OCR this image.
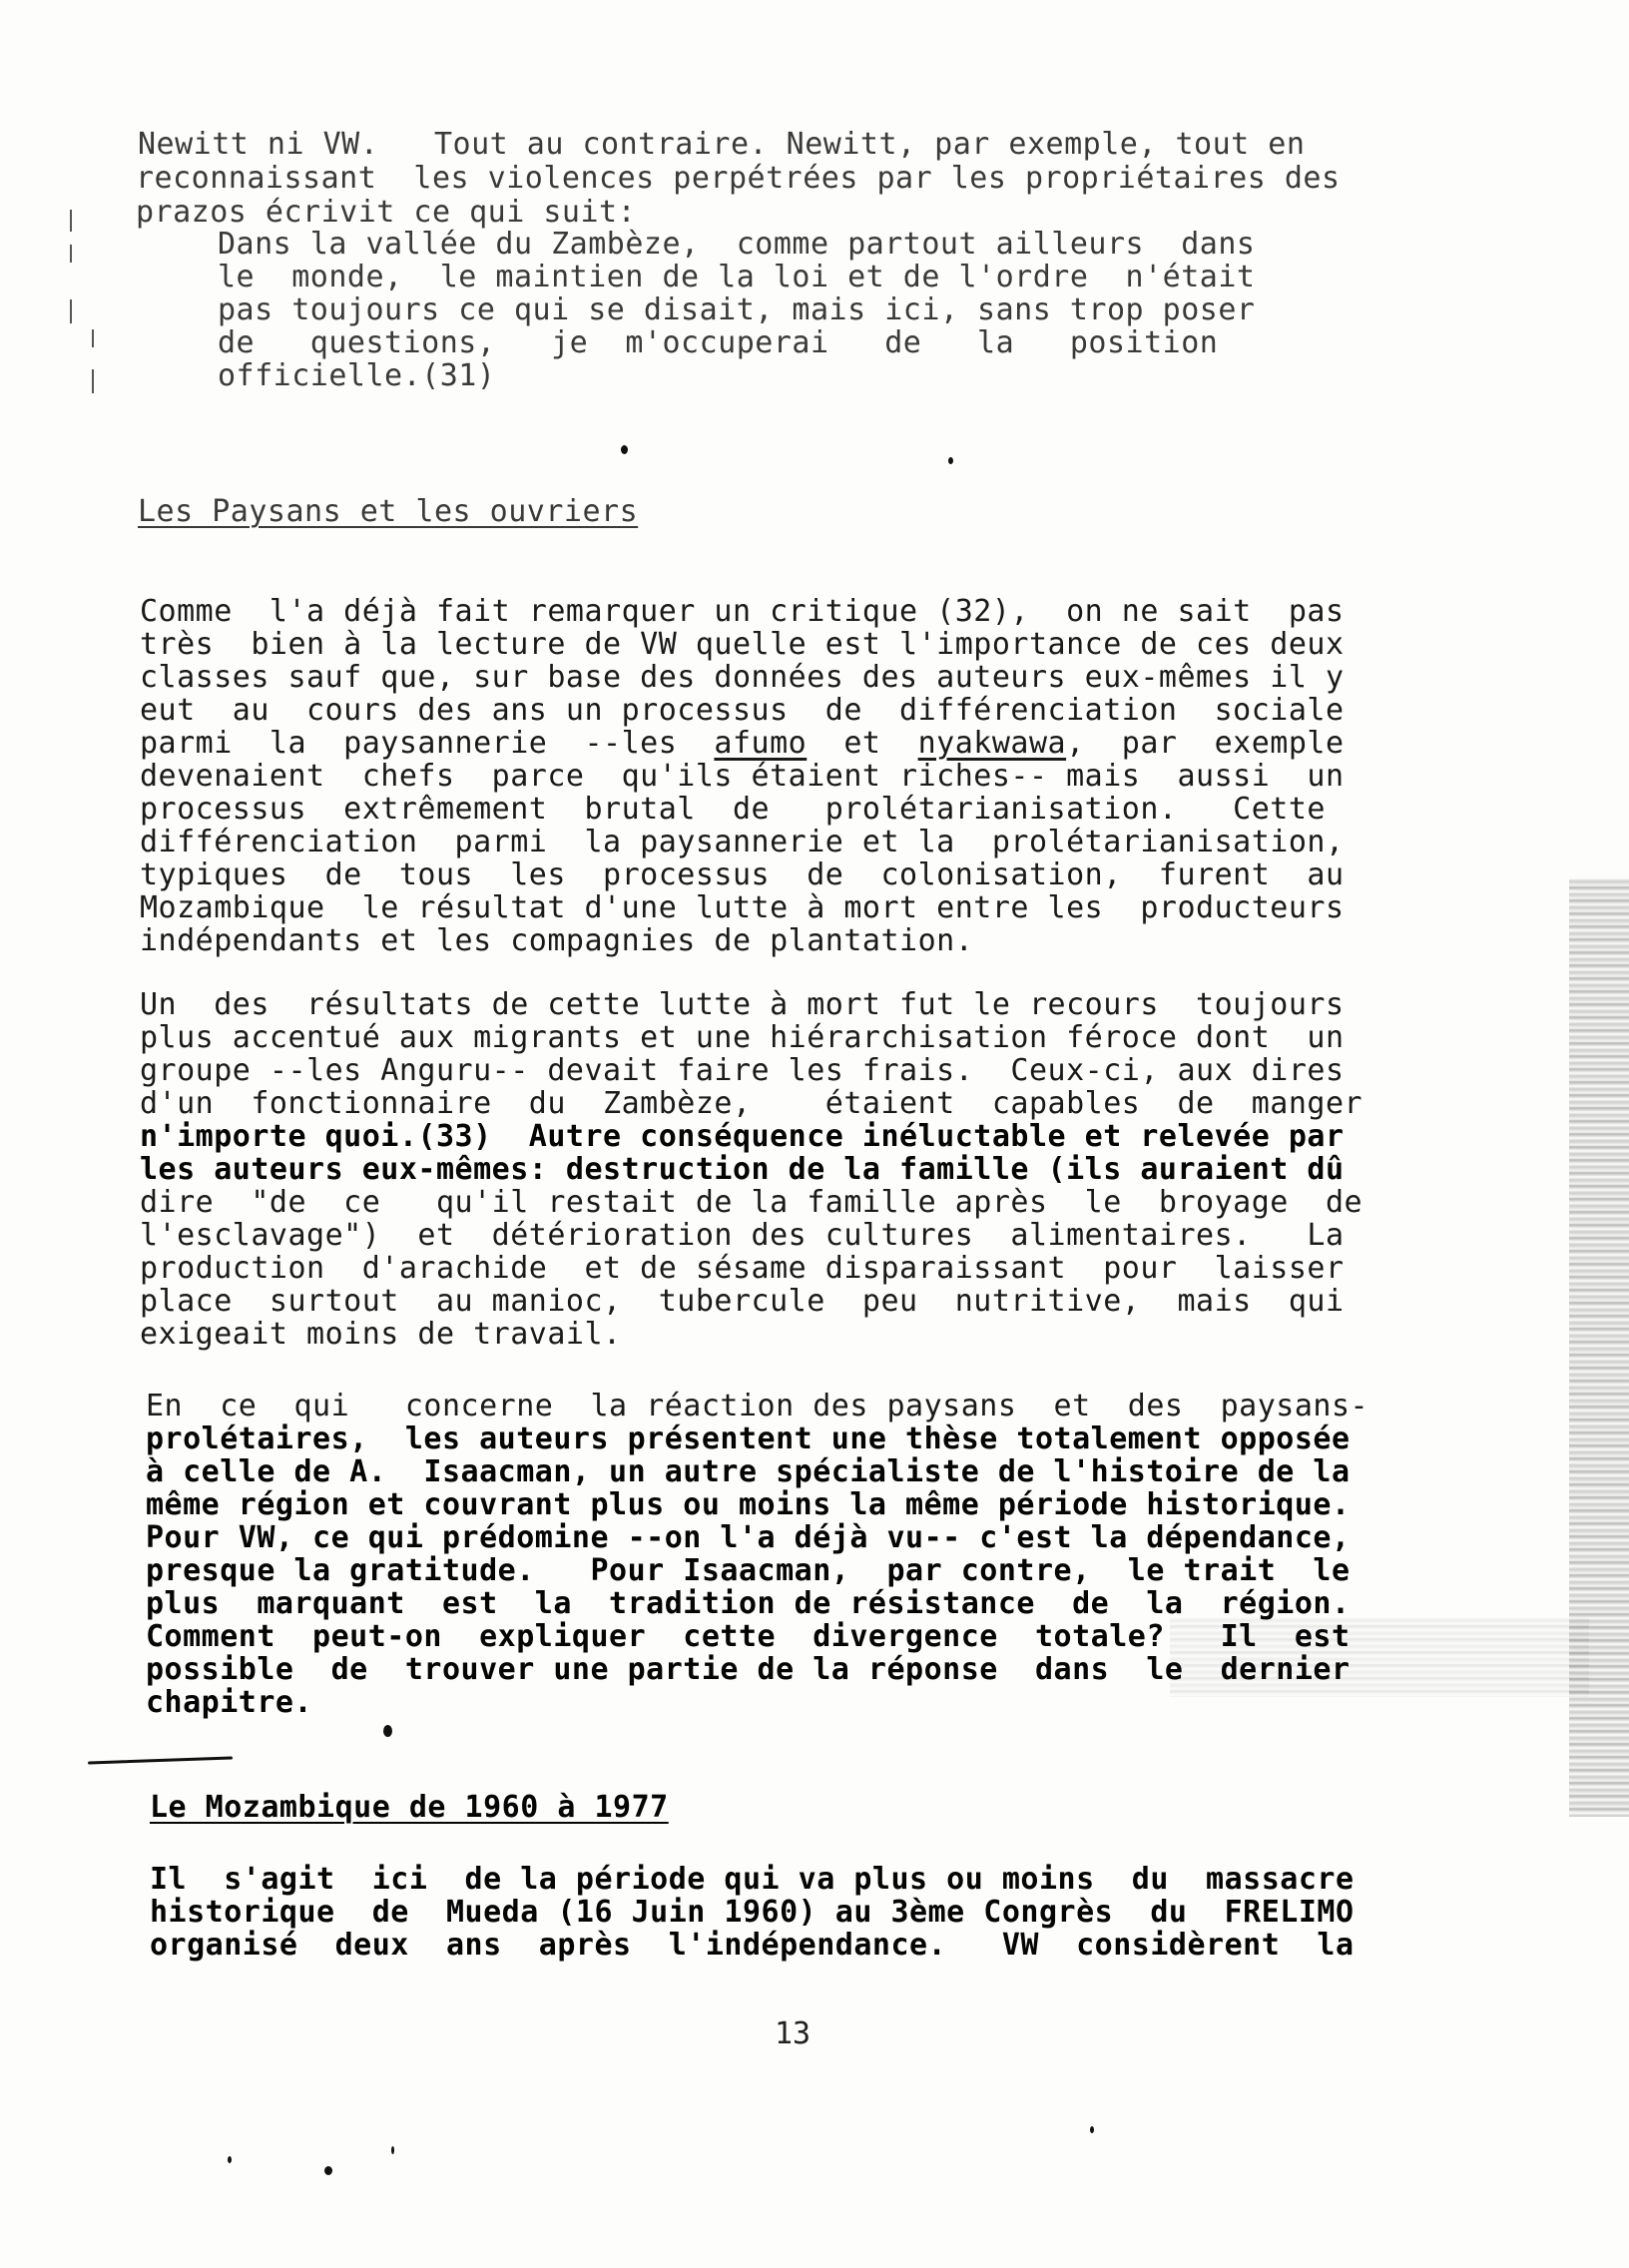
Newitt ni VW.   Tout au contraire. Newitt, par exemple, tout en
reconnaissant  les violences perpétrées par les propriétaires des
prazos écrivit ce qui suit:
Dans la vallée du Zambèze,  comme partout ailleurs  dans
le  monde,  le maintien de la loi et de l'ordre  n'était
pas toujours ce qui se disait, mais ici, sans trop poser
de   questions,   je  m'occuperai   de   la   position
officielle.(31)
Les Paysans et les ouvriers
Comme  l'a déjà fait remarquer un critique (32),  on ne sait  pas
très  bien à la lecture de VW quelle est l'importance de ces deux
classes sauf que, sur base des données des auteurs eux-mêmes il y
eut  au  cours des ans un processus  de  différenciation  sociale
parmi  la  paysannerie  --les  afumo  et  nyakwawa,  par  exemple
devenaient  chefs  parce  qu'ils étaient riches-- mais  aussi  un
processus  extrêmement  brutal  de   prolétarianisation.   Cette
différenciation  parmi  la paysannerie et la  prolétarianisation,
typiques  de  tous  les  processus  de  colonisation,  furent  au
Mozambique  le résultat d'une lutte à mort entre les  producteurs
indépendants et les compagnies de plantation.
Un  des  résultats de cette lutte à mort fut le recours  toujours
plus accentué aux migrants et une hiérarchisation féroce dont  un
groupe --les Anguru-- devait faire les frais.  Ceux-ci, aux dires
d'un  fonctionnaire  du  Zambèze,    étaient  capables  de  manger
n'importe quoi.(33)  Autre conséquence inéluctable et relevée par
les auteurs eux-mêmes: destruction de la famille (ils auraient dû
dire  "de  ce   qu'il restait de la famille après  le  broyage  de
l'esclavage")  et  détérioration des cultures  alimentaires.   La
production  d'arachide  et de sésame disparaissant  pour  laisser
place  surtout  au manioc,  tubercule  peu  nutritive,  mais  qui
exigeait moins de travail.
En  ce  qui   concerne  la réaction des paysans  et  des  paysans-
prolétaires,  les auteurs présentent une thèse totalement opposée
à celle de A.  Isaacman, un autre spécialiste de l'histoire de la
même région et couvrant plus ou moins la même période historique.
Pour VW, ce qui prédomine --on l'a déjà vu-- c'est la dépendance,
presque la gratitude.   Pour Isaacman,  par contre,  le trait  le
plus  marquant  est  la  tradition de résistance  de  la  région.
Comment  peut-on  expliquer  cette  divergence  totale?   Il  est
possible  de  trouver une partie de la réponse  dans  le  dernier
chapitre.
Le Mozambique de 1960 à 1977
Il  s'agit  ici  de la période qui va plus ou moins  du  massacre
historique  de  Mueda (16 Juin 1960) au 3ème Congrès  du  FRELIMO
organisé  deux  ans  après  l'indépendance.   VW  considèrent  la
13
